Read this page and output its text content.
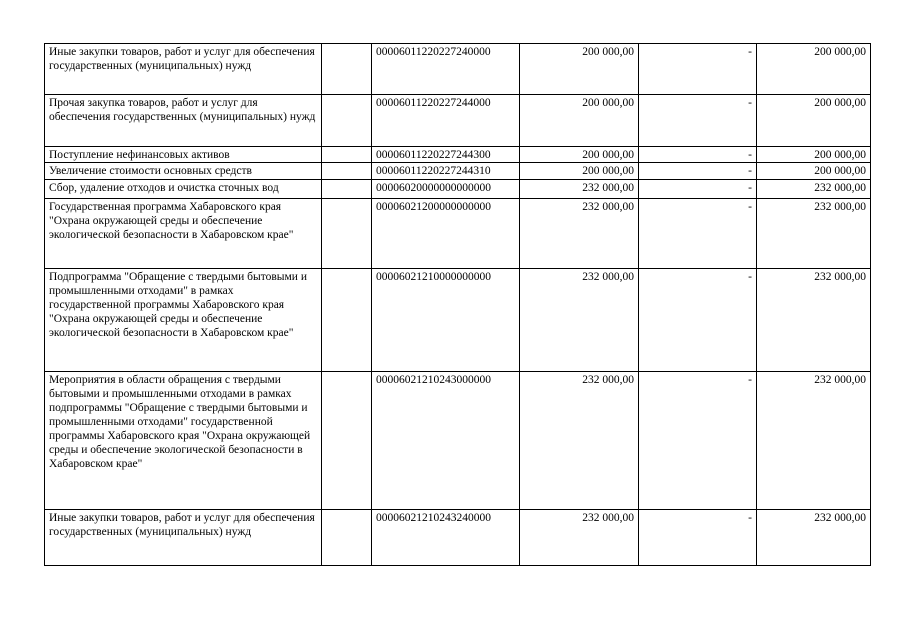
Иные закупки товаров, работ и услуг для обеспечения государственных (муниципальных) нужд		00006011220227240000	200 000,00	-	200 000,00
Прочая закупка товаров, работ и услуг для обеспечения государственных (муниципальных) нужд		00006011220227244000	200 000,00	-	200 000,00
Поступление нефинансовых активов		00006011220227244300	200 000,00	-	200 000,00
Увеличение стоимости основных средств		00006011220227244310	200 000,00	-	200 000,00
Сбор, удаление отходов и очистка сточных вод		00006020000000000000	232 000,00	-	232 000,00
Государственная программа Хабаровского края "Охрана окружающей среды и обеспечение экологической безопасности в Хабаровском крае"		00006021200000000000	232 000,00	-	232 000,00
Подпрограмма "Обращение с твердыми бытовыми и промышленными отходами" в рамках государственной программы Хабаровского края "Охрана окружающей среды и обеспечение экологической безопасности в Хабаровском крае"		00006021210000000000	232 000,00	-	232 000,00
Мероприятия в области обращения с твердыми бытовыми и промышленными отходами в рамках подпрограммы "Обращение с твердыми бытовыми и промышленными отходами" государственной программы Хабаровского края "Охрана окружающей среды и обеспечение экологической безопасности в Хабаровском крае"		00006021210243000000	232 000,00	-	232 000,00
Иные закупки товаров, работ и услуг для обеспечения государственных (муниципальных) нужд		00006021210243240000	232 000,00	-	232 000,00
